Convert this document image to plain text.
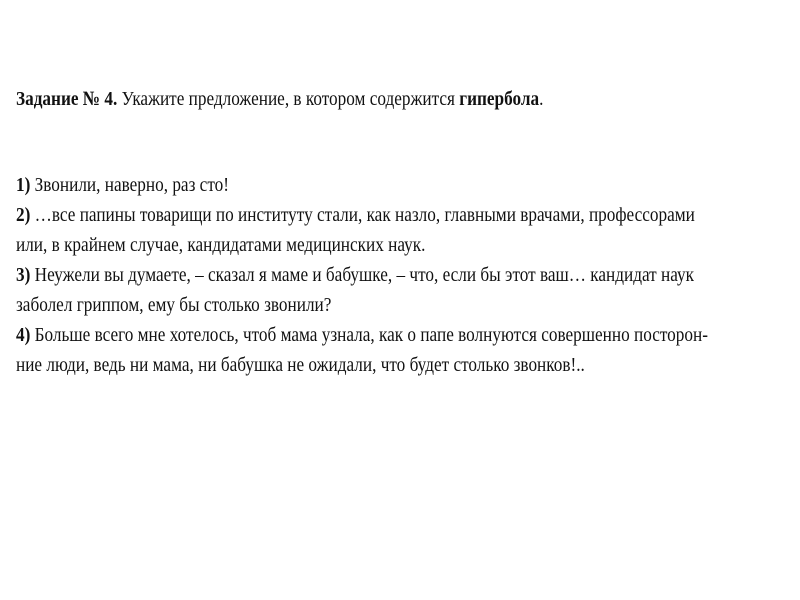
Задание № 4. Укажите предложение, в котором содержится гипербола.
1) Звонили, наверно, раз сто!
2) …все папины товарищи по институту стали, как назло, главными врачами, профессорами
или, в крайнем случае, кандидатами медицинских наук.
3) Неужели вы думаете, – сказал я маме и бабушке, – что, если бы этот ваш… кандидат наук
заболел гриппом, ему бы столько звонили?
4) Больше всего мне хотелось, чтоб мама узнала, как о папе волнуются совершенно посторон-
ние люди, ведь ни мама, ни бабушка не ожидали, что будет столько звонков!..
